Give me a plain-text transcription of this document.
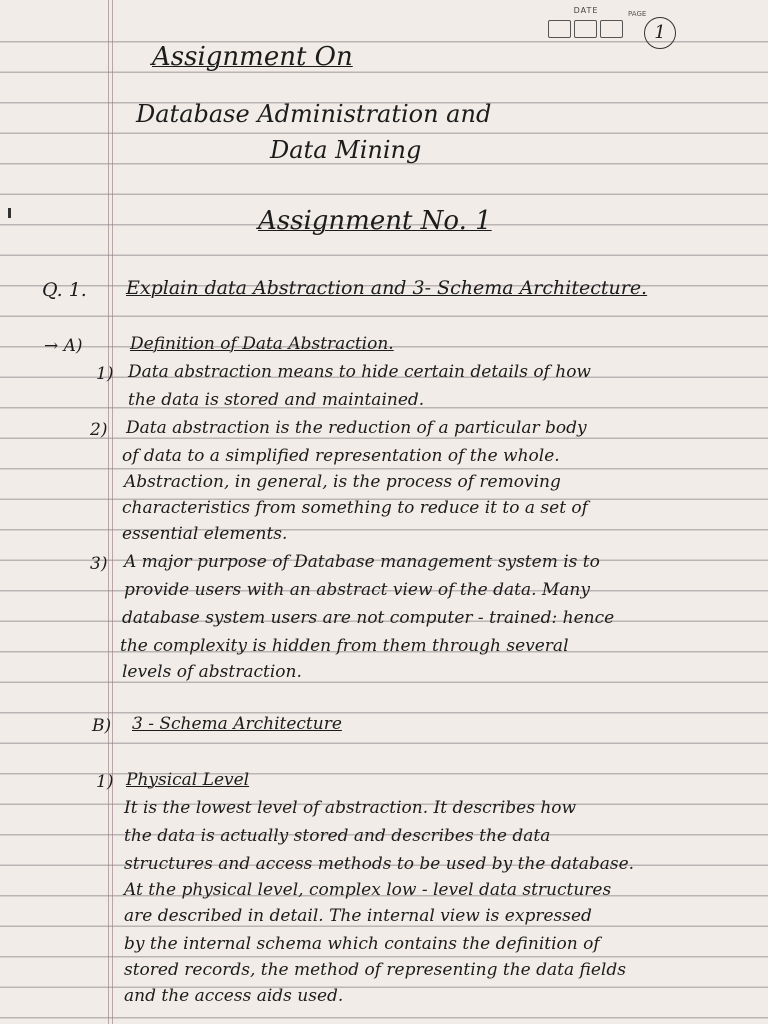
DATE	PAGE
1
Assignment On
Database Administration and
Data Mining
Assignment No. 1
Q. 1. Explain data Abstraction and 3- Schema Architecture.
→ A)	Definition of Data Abstraction.
1) Data abstraction means to hide certain details of how
the data is stored and maintained.
2) Data abstraction is the reduction of a particular body
of data to a simplified representation of the whole.
Abstraction, in general, is the process of removing
characteristics from something to reduce it to a set of
essential elements.
3) A major purpose of Database management system is to
provide users with an abstract view of the data. Many
database system users are not computer - trained: hence
the complexity is hidden from them through several
levels of abstraction.
B) 3 - Schema Architecture
1) Physical Level
It is the lowest level of abstraction. It describes how
the data is actually stored and describes the data
structures and access methods to be used by the database.
At the physical level, complex low - level data structures
are described in detail. The internal view is expressed
by the internal schema which contains the definition of
stored records, the method of representing the data fields
and the access aids used.
